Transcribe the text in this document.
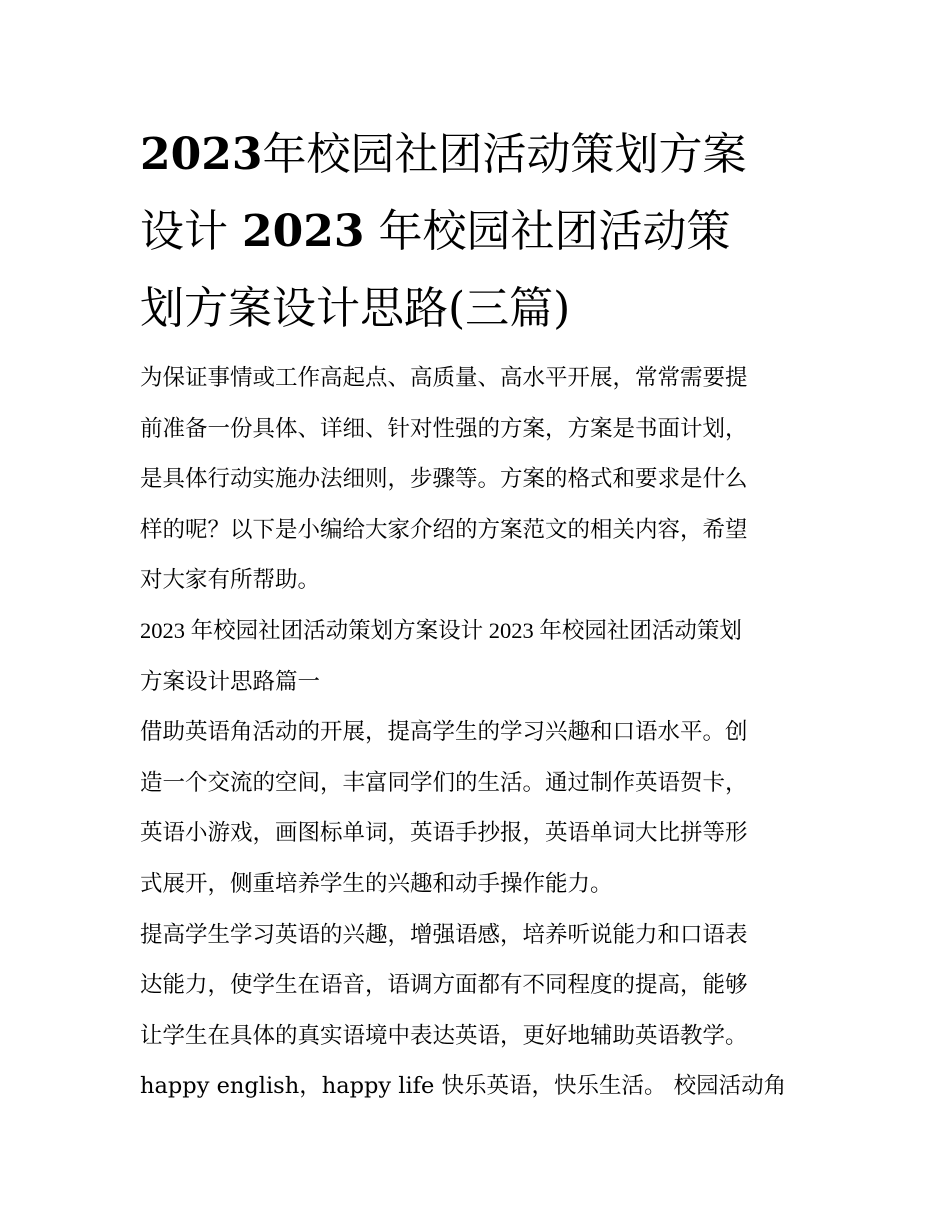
2023年校园社团活动策划方案
设计 2023 年校园社团活动策
划方案设计思路(三篇)

为保证事情或工作高起点、高质量、高水平开展，常常需要提
前准备一份具体、详细、针对性强的方案，方案是书面计划，
是具体行动实施办法细则，步骤等。方案的格式和要求是什么
样的呢？以下是小编给大家介绍的方案范文的相关内容，希望
对大家有所帮助。

2023 年校园社团活动策划方案设计 2023 年校园社团活动策划
方案设计思路篇一

借助英语角活动的开展，提高学生的学习兴趣和口语水平。创
造一个交流的空间，丰富同学们的生活。通过制作英语贺卡，
英语小游戏，画图标单词，英语手抄报，英语单词大比拼等形
式展开，侧重培养学生的兴趣和动手操作能力。

提高学生学习英语的兴趣，增强语感，培养听说能力和口语表
达能力，使学生在语音，语调方面都有不同程度的提高，能够
让学生在具体的真实语境中表达英语，更好地辅助英语教学。

happy english，happy life 快乐英语，快乐生活。 校园活动角
